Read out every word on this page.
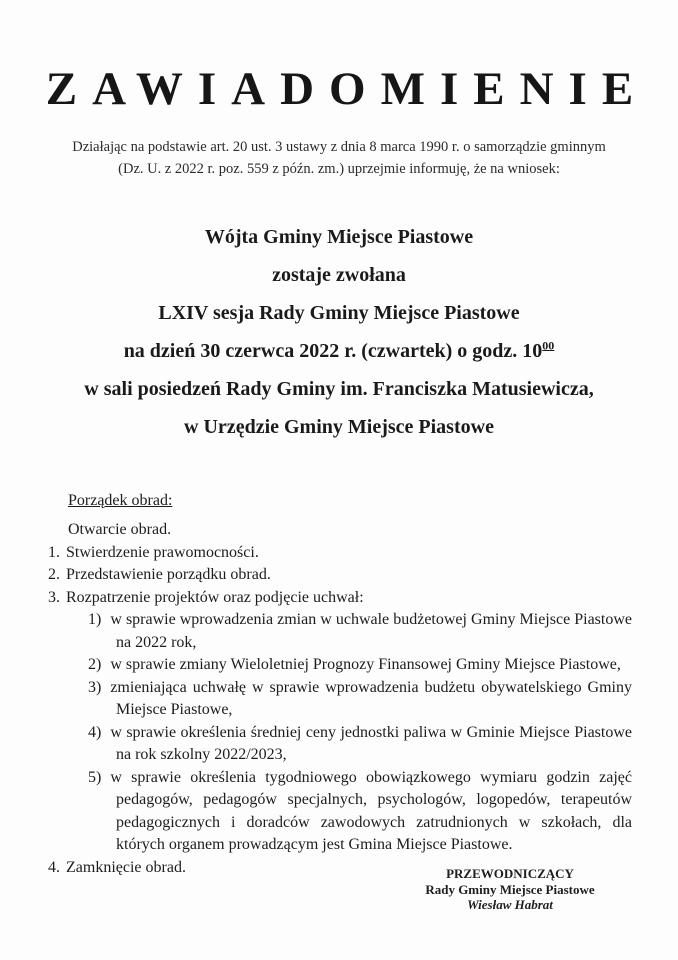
ZAWIADOMIENIE
Działając na podstawie art. 20 ust. 3 ustawy z dnia 8 marca 1990 r. o samorządzie gminnym
(Dz. U. z 2022 r. poz. 559 z późn. zm.) uprzejmie informuję, że na wniosek:
Wójta Gminy Miejsce Piastowe
zostaje zwołana
LXIV sesja Rady Gminy Miejsce Piastowe
na dzień 30 czerwca 2022 r. (czwartek) o godz. $10^{00}$
w sali posiedzeń Rady Gminy im. Franciszka Matusiewicza,
w Urzędzie Gminy Miejsce Piastowe
Porządek obrad:
Otwarcie obrad.
1. Stwierdzenie prawomocności.
2. Przedstawienie porządku obrad.
3. Rozpatrzenie projektów oraz podjęcie uchwał:

1) w sprawie wprowadzenia zmian w uchwale budżetowej Gminy Miejsce Piastowe na 2022 rok,

2) w sprawie zmiany Wieloletniej Prognozy Finansowej Gminy Miejsce Piastowe,

3) zmieniająca uchwałę w sprawie wprowadzenia budżetu obywatelskiego Gminy Miejsce Piastowe,

4) w sprawie określenia średniej ceny jednostki paliwa w Gminie Miejsce Piastowe na rok szkolny 2022/2023,

5) w sprawie określenia tygodniowego obowiązkowego wymiaru godzin zajęć pedagogów, pedagogów specjalnych, psychologów, logopedów, terapeutów pedagogicznych i doradców zawodowych zatrudnionych w szkołach, dla których organem prowadzącym jest Gmina Miejsce Piastowe.

4. Zamknięcie obrad.	PRZEWODNICZĄCY
Rady Gminy Miejsce Piastowe
Wiesław Habrat
